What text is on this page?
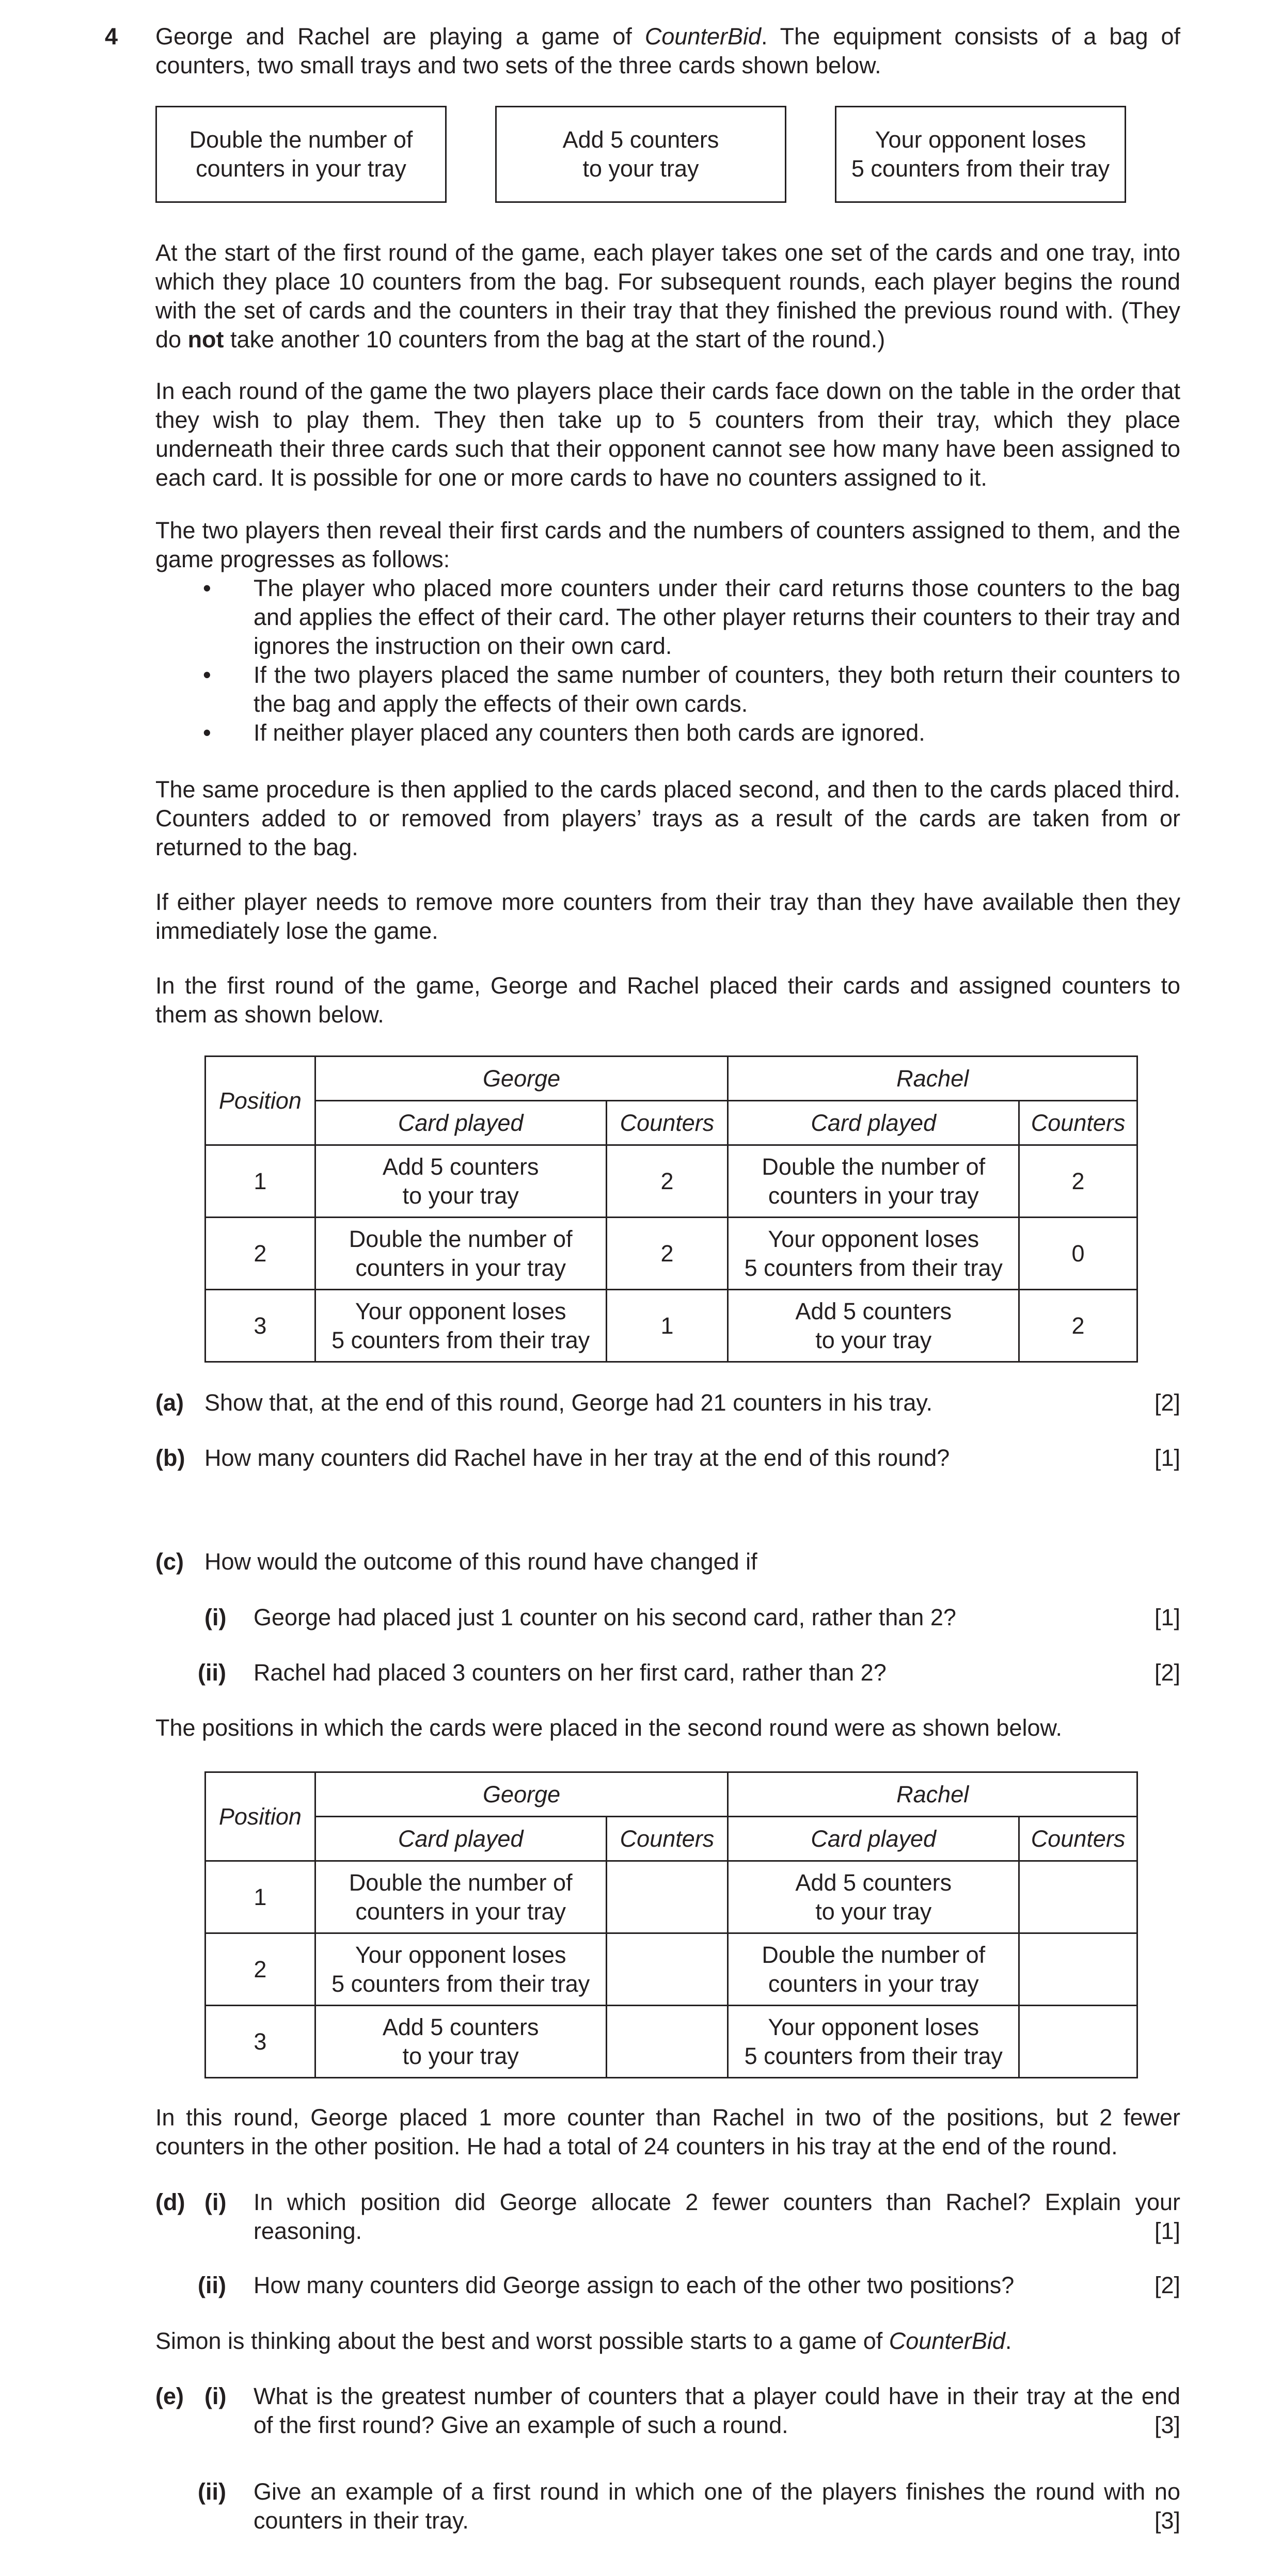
4 George and Rachel are playing a game of CounterBid. The equipment consists of a bag of counters, two small trays and two sets of the three cards shown below.
Double the number of
counters in your tray
Add 5 counters
to your tray
Your opponent loses
5 counters from their tray
At the start of the first round of the game, each player takes one set of the cards and one tray, into which they place 10 counters from the bag. For subsequent rounds, each player begins the round with the set of cards and the counters in their tray that they finished the previous round with. (They do not take another 10 counters from the bag at the start of the round.)
In each round of the game the two players place their cards face down on the table in the order that they wish to play them. They then take up to 5 counters from their tray, which they place underneath their three cards such that their opponent cannot see how many have been assigned to each card. It is possible for one or more cards to have no counters assigned to it.
The two players then reveal their first cards and the numbers of counters assigned to them, and the game progresses as follows:
• The player who placed more counters under their card returns those counters to the bag and applies the effect of their card. The other player returns their counters to their tray and ignores the instruction on their own card.
• If the two players placed the same number of counters, they both return their counters to the bag and apply the effects of their own cards.
• If neither player placed any counters then both cards are ignored.
The same procedure is then applied to the cards placed second, and then to the cards placed third. Counters added to or removed from players’ trays as a result of the cards are taken from or returned to the bag.
If either player needs to remove more counters from their tray than they have available then they immediately lose the game.
In the first round of the game, George and Rachel placed their cards and assigned counters to them as shown below.
Position	George		Rachel	
	Card played	Counters	Card played	Counters
1	Add 5 counters
to your tray	2	Double the number of
counters in your tray	2
2	Double the number of
counters in your tray	2	Your opponent loses
5 counters from their tray	0
3	Your opponent loses
5 counters from their tray	1	Add 5 counters
to your tray	2
(a) Show that, at the end of this round, George had 21 counters in his tray.	[2]
(b) How many counters did Rachel have in her tray at the end of this round?	[1]
(c) How would the outcome of this round have changed if
(i) George had placed just 1 counter on his second card, rather than 2?	[1]
(ii) Rachel had placed 3 counters on her first card, rather than 2?	[2]
The positions in which the cards were placed in the second round were as shown below.
Position	George		Rachel	
	Card played	Counters	Card played	Counters
1	Double the number of
counters in your tray		Add 5 counters
to your tray	
2	Your opponent loses
5 counters from their tray		Double the number of
counters in your tray	
3	Add 5 counters
to your tray		Your opponent loses
5 counters from their tray	
In this round, George placed 1 more counter than Rachel in two of the positions, but 2 fewer counters in the other position. He had a total of 24 counters in his tray at the end of the round.
(d) (i) In which position did George allocate 2 fewer counters than Rachel? Explain your
reasoning.	[1]
(ii) How many counters did George assign to each of the other two positions?	[2]
Simon is thinking about the best and worst possible starts to a game of CounterBid.
(e) (i) What is the greatest number of counters that a player could have in their tray at the end
of the first round? Give an example of such a round.	[3]
(ii) Give an example of a first round in which one of the players finishes the round with no
counters in their tray.	[3]
